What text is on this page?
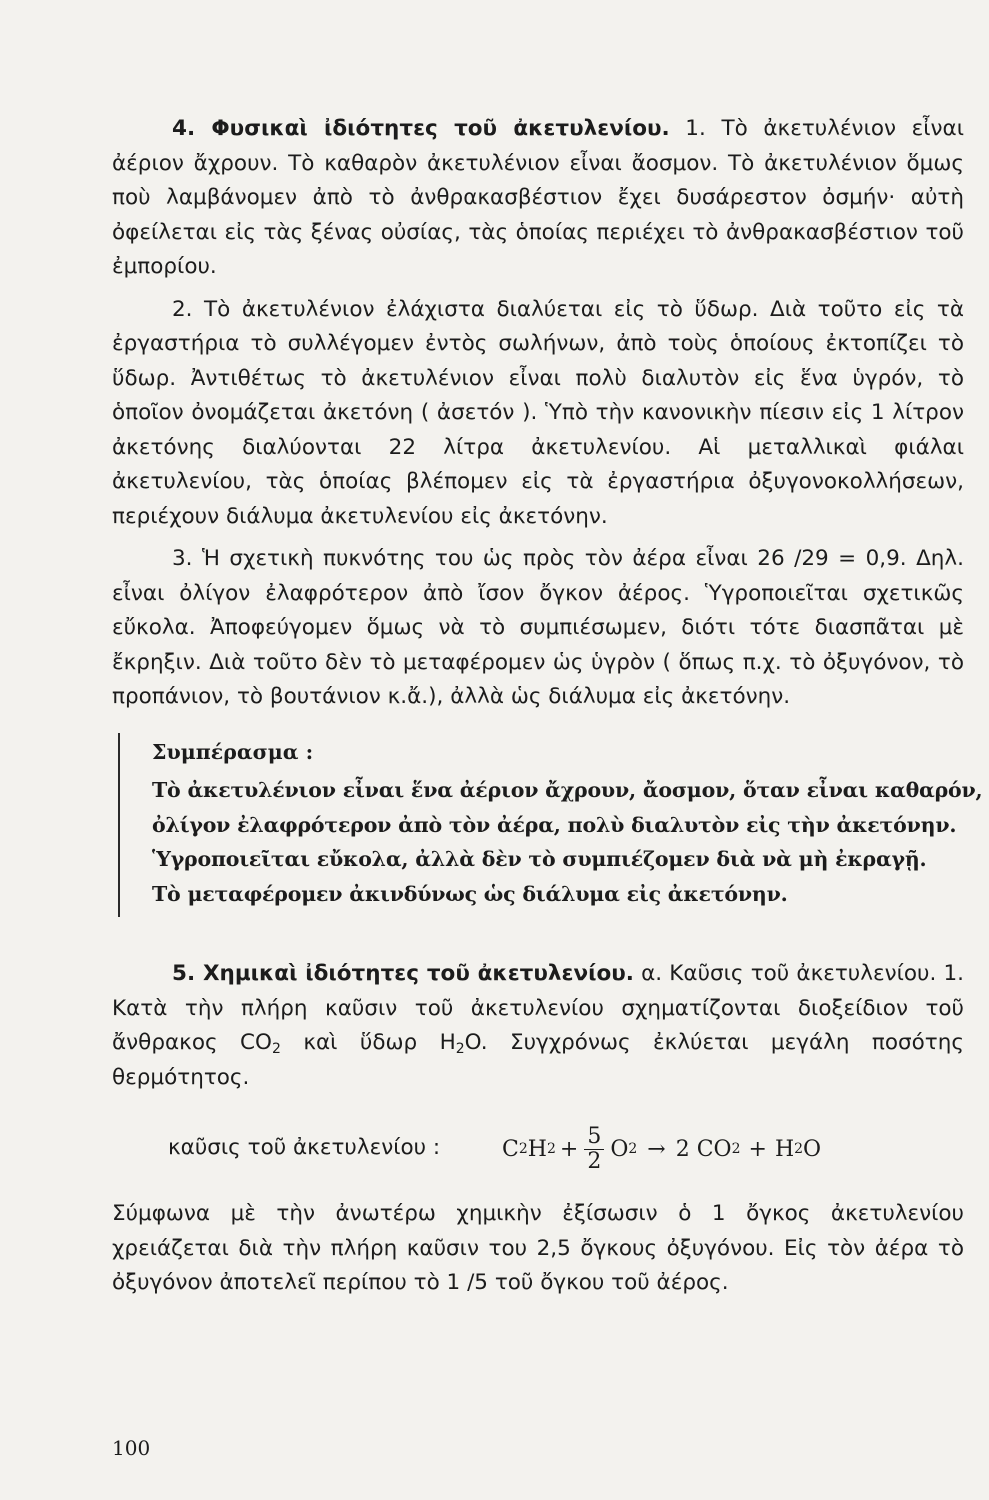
4. Φυσικαὶ ἰδιότητες τοῦ ἀκετυλενίου. 1. Τὸ ἀκετυλένιον εἶναι ἀέριον ἄχρουν. Τὸ καθαρὸν ἀκετυλένιον εἶναι ἄοσμον. Τὸ ἀκετυλένιον ὅμως ποὺ λαμβάνομεν ἀπὸ τὸ ἀνθρακασβέστιον ἔχει δυσάρεστον ὀσμήν· αὐτὴ ὀφείλεται εἰς τὰς ξένας οὐσίας, τὰς ὁποίας περιέχει τὸ ἀνθρακασβέστιον τοῦ ἐμπορίου.

2. Τὸ ἀκετυλένιον ἐλάχιστα διαλύεται εἰς τὸ ὕδωρ. Διὰ τοῦτο εἰς τὰ ἐργαστήρια τὸ συλλέγομεν ἐντὸς σωλήνων, ἀπὸ τοὺς ὁποίους ἐκτοπίζει τὸ ὕδωρ. Ἀντιθέτως τὸ ἀκετυλένιον εἶναι πολὺ διαλυτὸν εἰς ἕνα ὑγρόν, τὸ ὁποῖον ὀνομάζεται ἀκετόνη ( ἀσετόν ). Ὑπὸ τὴν κανονικὴν πίεσιν εἰς 1 λίτρον ἀκετόνης διαλύονται 22 λίτρα ἀκετυλενίου. Αἱ μεταλλικαὶ φιάλαι ἀκετυλενίου, τὰς ὁποίας βλέπομεν εἰς τὰ ἐργαστήρια ὀξυγονοκολλήσεων, περιέχουν διάλυμα ἀκετυλενίου εἰς ἀκετόνην.

3. Ἡ σχετικὴ πυκνότης του ὡς πρὸς τὸν ἀέρα εἶναι 26 /29 = 0,9. Δηλ. εἶναι ὀλίγον ἐλαφρότερον ἀπὸ ἴσον ὄγκον ἀέρος. Ὑγροποιεῖται σχετικῶς εὔκολα. Ἀποφεύγομεν ὅμως νὰ τὸ συμπιέσωμεν, διότι τότε διασπᾶται μὲ ἔκρηξιν. Διὰ τοῦτο δὲν τὸ μεταφέρομεν ὡς ὑγρὸν ( ὅπως π.χ. τὸ ὀξυγόνον, τὸ προπάνιον, τὸ βουτάνιον κ.ἄ.), ἀλλὰ ὡς διάλυμα εἰς ἀκετόνην.

Συμπέρασμα :
Τὸ ἀκετυλένιον εἶναι ἕνα ἀέριον ἄχρουν, ἄοσμον, ὅταν εἶναι καθαρόν,
ὀλίγον ἐλαφρότερον ἀπὸ τὸν ἀέρα, πολὺ διαλυτὸν εἰς τὴν ἀκετόνην.
Ὑγροποιεῖται εὔκολα, ἀλλὰ δὲν τὸ συμπιέζομεν διὰ νὰ μὴ ἐκραγῇ.
Τὸ μεταφέρομεν ἀκινδύνως ὡς διάλυμα εἰς ἀκετόνην.

5. Χημικαὶ ἰδιότητες τοῦ ἀκετυλενίου. α. Καῦσις τοῦ ἀκετυλενίου. 1. Κατὰ τὴν πλήρη καῦσιν τοῦ ἀκετυλενίου σχηματίζονται διοξείδιον τοῦ ἄνθρακος $CO_2$ καὶ ὕδωρ $H_2O$. Συγχρόνως ἐκλύεται μεγάλη ποσότης θερμότητος.

καῦσις τοῦ ἀκετυλενίου :	C 2 H $2 + \frac{5}{2}$ O 2 → 2 CO 2 + H 2 O

Σύμφωνα μὲ τὴν ἀνωτέρω χημικὴν ἐξίσωσιν ὁ 1 ὄγκος ἀκετυλενίου χρειάζεται διὰ τὴν πλήρη καῦσιν του 2,5 ὄγκους ὀξυγόνου. Εἰς τὸν ἀέρα τὸ ὀξυγόνον ἀποτελεῖ περίπου τὸ 1 /5 τοῦ ὄγκου τοῦ ἀέρος.

100
